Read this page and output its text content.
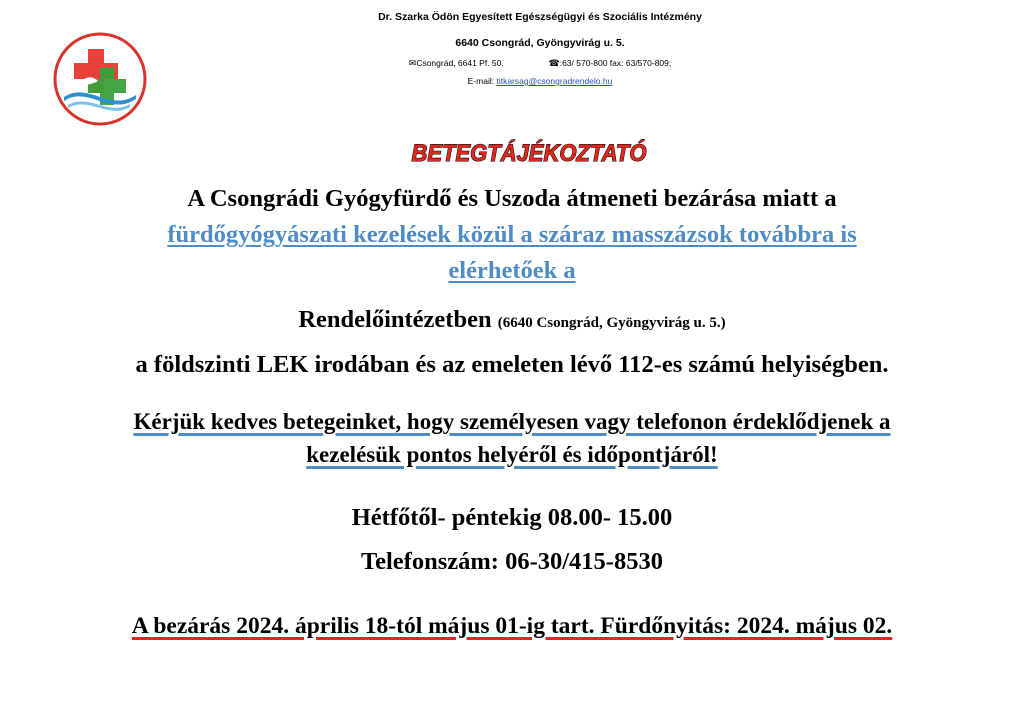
Dr. Szarka Ödön Egyesített Egészségügyi és Szociális Intézmény
6640 Csongrád, Gyöngyvirág u. 5.
✉Csongrád, 6641 Pf. 50.	☎:63/ 570-800 fax: 63/570-809;
E-mail: titkarsag@csongradrendelo.hu
BETEGTÁJÉKOZTATÓ
A Csongrádi Gyógyfürdő és Uszoda átmeneti bezárása miatt a
fürdőgyógyászati kezelések közül a száraz masszázsok továbbra is
elérhetőek a
Rendelőintézetben (6640 Csongrád, Gyöngyvirág u. 5.)
a földszinti LEK irodában és az emeleten lévő 112-es számú helyiségben.
Kérjük kedves betegeinket, hogy személyesen vagy telefonon érdeklődjenek a
kezelésük pontos helyéről és időpontjáról!
Hétfőtől- péntekig 08.00- 15.00
Telefonszám: 06-30/415-8530
A bezárás 2024. április 18-tól május 01-ig tart. Fürdőnyitás: 2024. május 02.
